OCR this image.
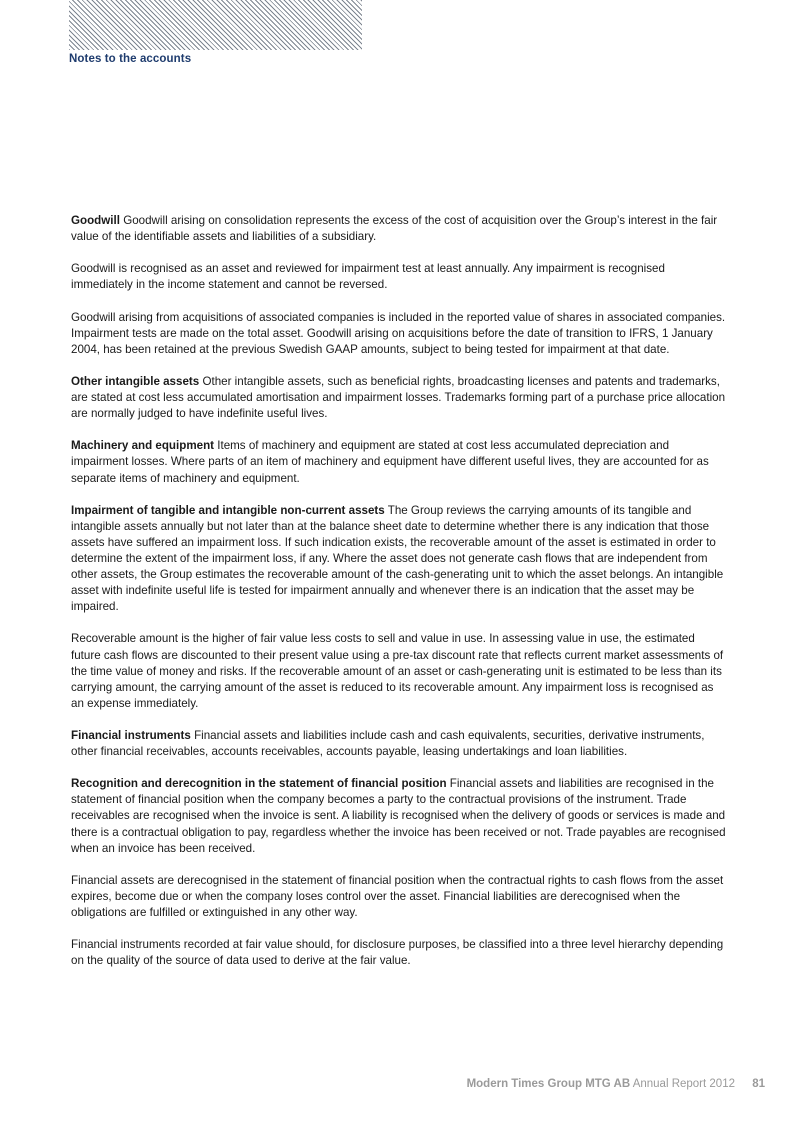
Notes to the accounts

Goodwill Goodwill arising on consolidation represents the excess of the cost of acquisition over the Group’s interest in the fair value of the identifiable assets and liabilities of a subsidiary.

Goodwill is recognised as an asset and reviewed for impairment test at least annually. Any impairment is recognised immediately in the income statement and cannot be reversed.

Goodwill arising from acquisitions of associated companies is included in the reported value of shares in associated companies. Impairment tests are made on the total asset. Goodwill arising on acquisitions before the date of transition to IFRS, 1 January 2004, has been retained at the previous Swedish GAAP amounts, subject to being tested for impairment at that date.

Other intangible assets Other intangible assets, such as beneficial rights, broadcasting licenses and patents and trademarks, are stated at cost less accumulated amortisation and impairment losses. Trademarks forming part of a purchase price allocation are normally judged to have indefinite useful lives.

Machinery and equipment Items of machinery and equipment are stated at cost less accumulated depreciation and impairment losses. Where parts of an item of machinery and equipment have different useful lives, they are accounted for as separate items of machinery and equipment.

Impairment of tangible and intangible non-current assets The Group reviews the carrying amounts of its tangible and intangible assets annually but not later than at the balance sheet date to determine whether there is any indication that those assets have suffered an impairment loss. If such indication exists, the recoverable amount of the asset is estimated in order to determine the extent of the impairment loss, if any. Where the asset does not generate cash flows that are independent from other assets, the Group estimates the recoverable amount of the cash-generating unit to which the asset belongs. An intangible asset with indefinite useful life is tested for impairment annually and whenever there is an indication that the asset may be impaired.

Recoverable amount is the higher of fair value less costs to sell and value in use. In assessing value in use, the estimated future cash flows are discounted to their present value using a pre-tax discount rate that reflects current market assessments of the time value of money and risks. If the recoverable amount of an asset or cash-generating unit is estimated to be less than its carrying amount, the carrying amount of the asset is reduced to its recoverable amount. Any impairment loss is recognised as an expense immediately.

Financial instruments Financial assets and liabilities include cash and cash equivalents, securities, derivative instruments, other financial receivables, accounts receivables, accounts payable, leasing undertakings and loan liabilities.

Recognition and derecognition in the statement of financial position Financial assets and liabilities are recognised in the statement of financial position when the company becomes a party to the contractual provisions of the instrument. Trade receivables are recognised when the invoice is sent. A liability is recognised when the delivery of goods or services is made and there is a contractual obligation to pay, regardless whether the invoice has been received or not. Trade payables are recognised when an invoice has been received.

Financial assets are derecognised in the statement of financial position when the contractual rights to cash flows from the asset expires, become due or when the company loses control over the asset. Financial liabilities are derecognised when the obligations are fulfilled or extinguished in any other way.

Financial instruments recorded at fair value should, for disclosure purposes, be classified into a three level hierarchy depending on the quality of the source of data used to derive at the fair value.

Modern Times Group MTG AB Annual Report 2012 81
